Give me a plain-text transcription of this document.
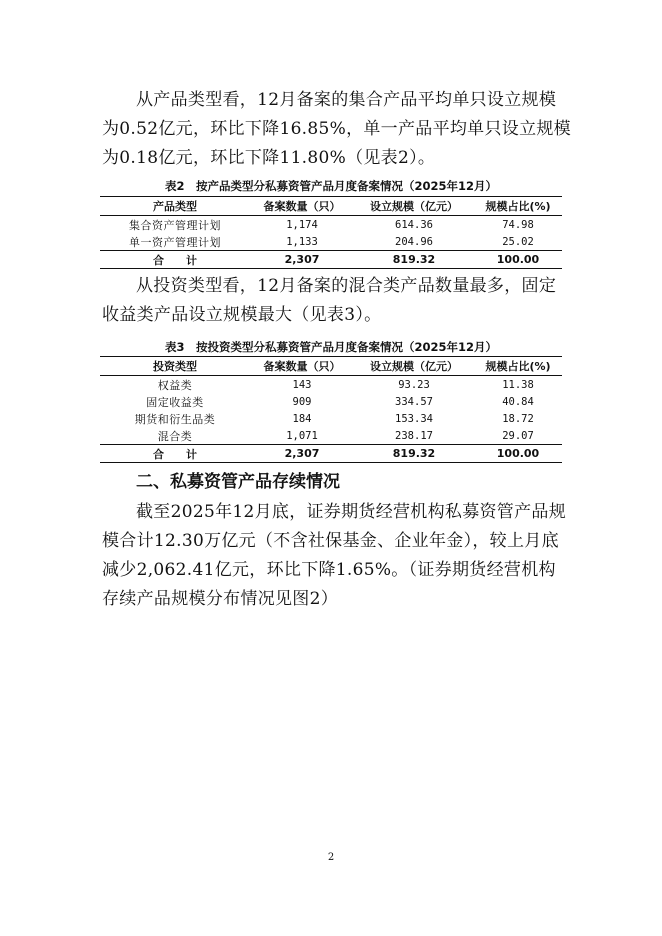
从产品类型看，12月备案的集合产品平均单只设立规模为0.52亿元，环比下降16.85%，单一产品平均单只设立规模为0.18亿元，环比下降11.80%（见表2）。

表2　按产品类型分私募资管产品月度备案情况（2025年12月）
产品类型	备案数量（只）	设立规模（亿元）	规模占比(%)
集合资产管理计划	1,174	614.36	74.98
单一资产管理计划	1,133	204.96	25.02
合　　计	2,307	819.32	100.00

从投资类型看，12月备案的混合类产品数量最多，固定收益类产品设立规模最大（见表3）。

表3　按投资类型分私募资管产品月度备案情况（2025年12月）
投资类型	备案数量（只）	设立规模（亿元）	规模占比(%)
权益类	143	93.23	11.38
固定收益类	909	334.57	40.84
期货和衍生品类	184	153.34	18.72
混合类	1,071	238.17	29.07
合　　计	2,307	819.32	100.00
二、私募资管产品存续情况

截至2025年12月底，证券期货经营机构私募资管产品规模合计12.30万亿元（不含社保基金、企业年金），较上月底减少2,062.41亿元，环比下降1.65%。（证券期货经营机构存续产品规模分布情况见图2）

2
